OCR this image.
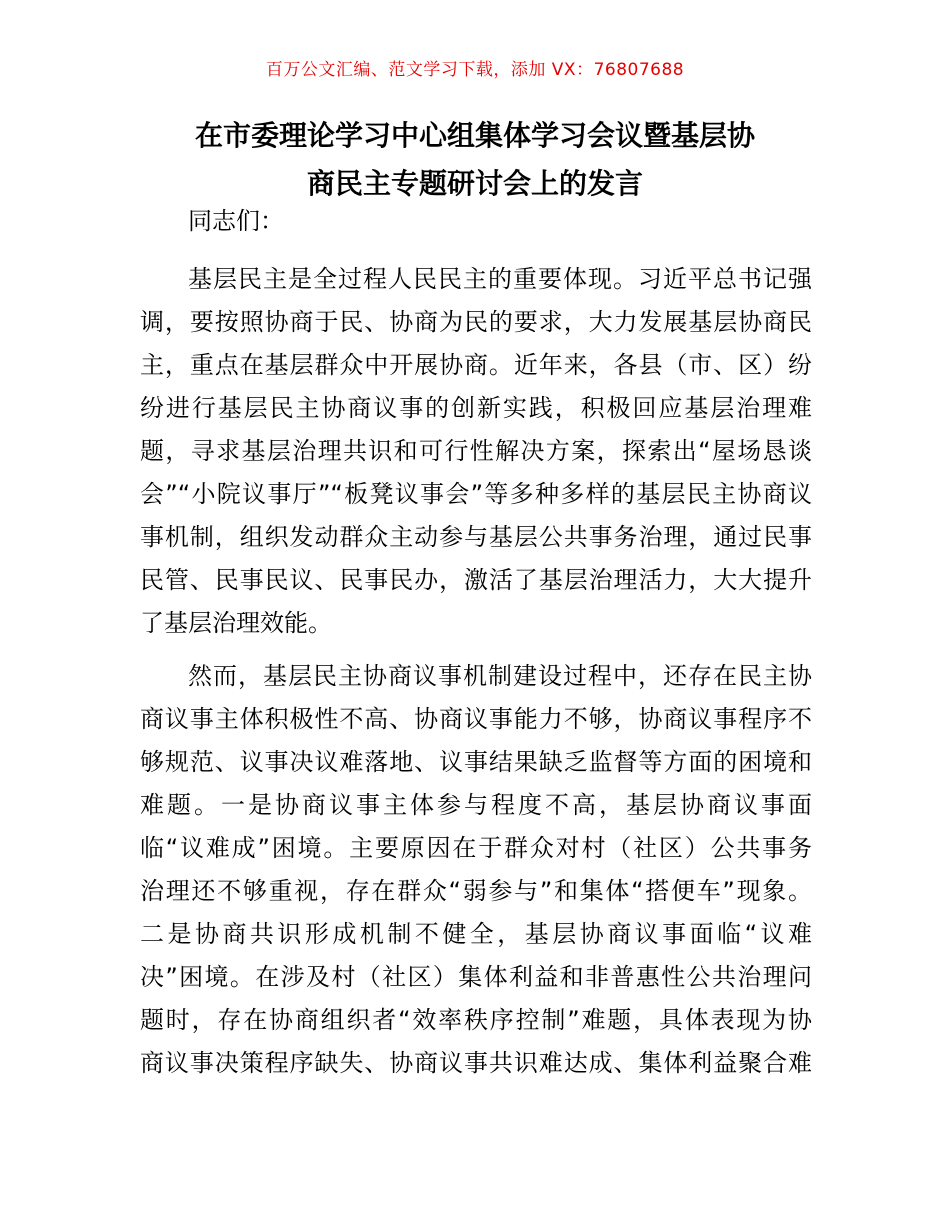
百万公文汇编、范文学习下载，添加 VX：76807688
在市委理论学习中心组集体学习会议暨基层协
商民主专题研讨会上的发言

同志们：

基层民主是全过程人民民主的重要体现。习近平总书记强
调，要按照协商于民、协商为民的要求，大力发展基层协商民
主，重点在基层群众中开展协商。近年来，各县（市、区）纷
纷进行基层民主协商议事的创新实践，积极回应基层治理难
题，寻求基层治理共识和可行性解决方案，探索出“屋场恳谈
会”“小院议事厅”“板凳议事会”等多种多样的基层民主协商议
事机制，组织发动群众主动参与基层公共事务治理，通过民事
民管、民事民议、民事民办，激活了基层治理活力，大大提升
了基层治理效能。
然而，基层民主协商议事机制建设过程中，还存在民主协
商议事主体积极性不高、协商议事能力不够，协商议事程序不
够规范、议事决议难落地、议事结果缺乏监督等方面的困境和
难题。一是协商议事主体参与程度不高，基层协商议事面
临“议难成”困境。主要原因在于群众对村（社区）公共事务
治理还不够重视，存在群众“弱参与”和集体“搭便车”现象。
二是协商共识形成机制不健全，基层协商议事面临“议难
决”困境。在涉及村（社区）集体利益和非普惠性公共治理问
题时，存在协商组织者“效率秩序控制”难题，具体表现为协
商议事决策程序缺失、协商议事共识难达成、集体利益聚合难
